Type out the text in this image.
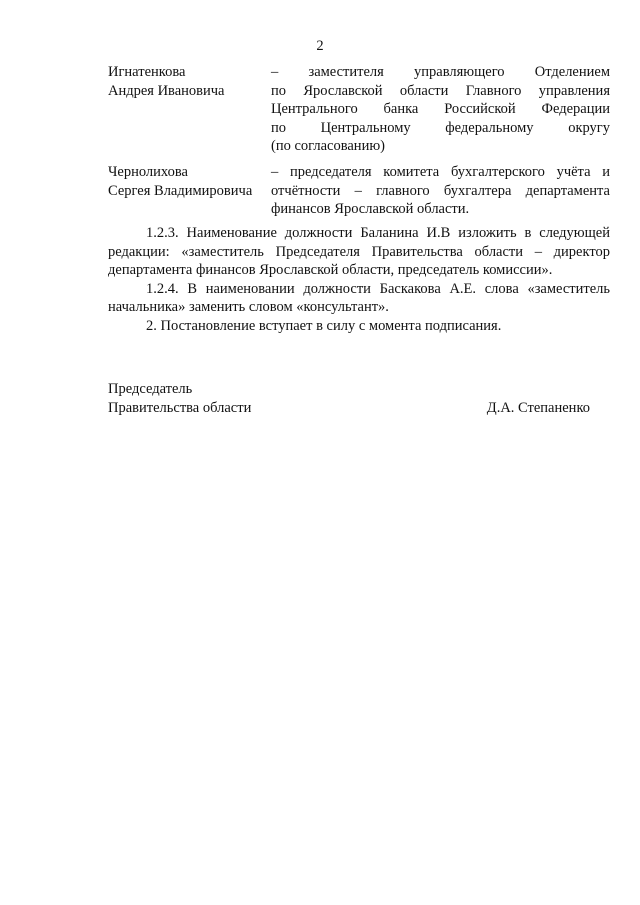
2
Игнатенкова
Андрея Ивановича
– заместителя управляющего Отделением
по Ярославской области Главного управления
Центрального банка Российской Федерации
по Центральному федеральному округу
(по согласованию)
Чернолихова
Сергея Владимировича
– председателя комитета бухгалтерского учёта и
отчётности – главного бухгалтера департамента
финансов Ярославской области.

1.2.3. Наименование должности Баланина И.В изложить в следующей редакции: «заместитель Председателя Правительства области – директор департамента финансов Ярославской области, председатель комиссии».

1.2.4. В наименовании должности Баскакова А.Е. слова «заместитель начальника» заменить словом «консультант».

2. Постановление вступает в силу с момента подписания.

Председатель
Правительства области	Д.А. Степаненко
